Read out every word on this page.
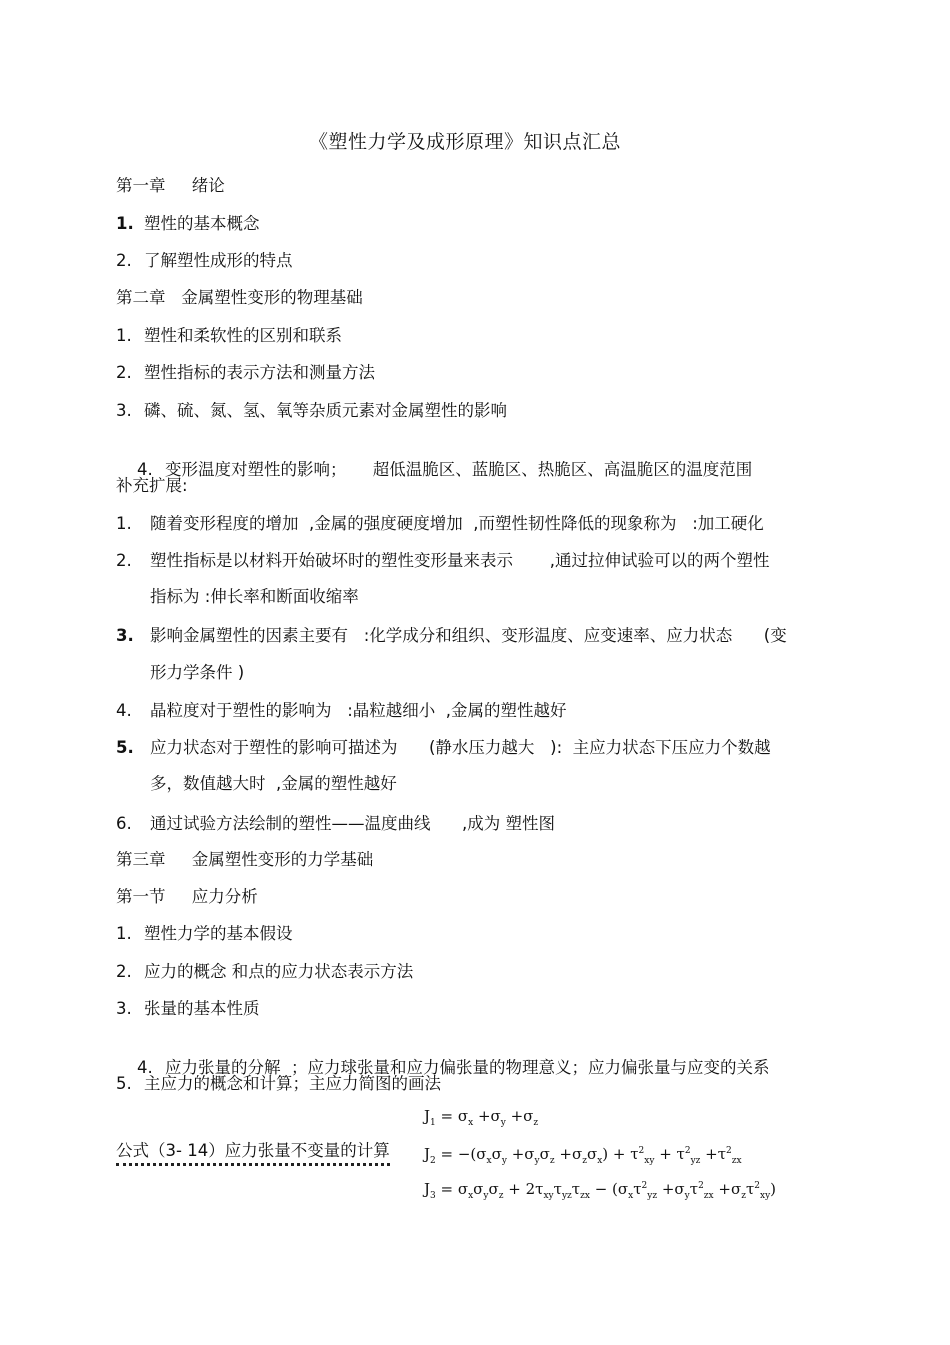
《塑性力学及成形原理》知识点汇总
第一章     绪论
1. 塑性的基本概念
2. 了解塑性成形的特点
第二章   金属塑性变形的物理基础
1. 塑性和柔软性的区别和联系
2. 塑性指标的表示方法和测量方法
3. 磷、硫、氮、氢、氧等杂质元素对金属塑性的影响

4. 变形温度对塑性的影响；     超低温脆区、蓝脆区、热脆区、高温脆区的温度范围

补充扩展:
1. 随着变形程度的增加  ,金属的强度硬度增加  ,而塑性韧性降低的现象称为   :加工硬化
2. 塑性指标是以材料开始破坏时的塑性变形量来表示       ,通过拉伸试验可以的两个塑性
指标为 :伸长率和断面收缩率
3. 影响金属塑性的因素主要有   :化学成分和组织、变形温度、应变速率、应力状态      (变
形力学条件 )
4. 晶粒度对于塑性的影响为   :晶粒越细小  ,金属的塑性越好
5. 应力状态对于塑性的影响可描述为      (静水压力越大   ):  主应力状态下压应力个数越
多，数值越大时  ,金属的塑性越好
6. 通过试验方法绘制的塑性——温度曲线      ,成为 塑性图
第三章     金属塑性变形的力学基础
第一节     应力分析
1. 塑性力学的基本假设
2. 应力的概念 和点的应力状态表示方法
3. 张量的基本性质

4. 应力张量的分解  ；应力球张量和应力偏张量的物理意义；应力偏张量与应变的关系

5. 主应力的概念和计算；主应力简图的画法
公式（3- 14）应力张量不变量的计算
$J_1 = \sigma_x +\sigma_y +\sigma_z$
$J_2 = -(\sigma_x\sigma_y +\sigma_y\sigma_z +\sigma_z\sigma_x) + \tau^2_{xy} + \tau^2_{yz} +\tau^2_{zx}$
$J_3 = \sigma_x\sigma_y\sigma_z + 2\tau_{xy}\tau_{yz}\tau_{zx} - (\sigma_x\tau^2_{yz} +\sigma_y\tau^2_{zx} +\sigma_z\tau^2_{xy})$
